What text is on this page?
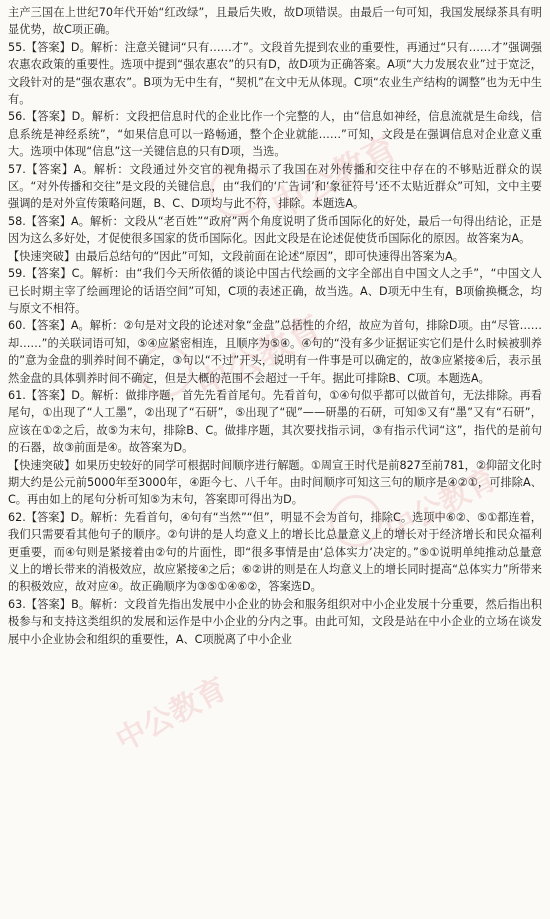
中公教育
中公教育
中公教育
中公教育

主产三国在上世纪70年代开始“红改绿”，且最后失败，故D项错误。由最后一句可知，我国发展绿茶具有明显优势，故C项正确。

55.【答案】D。解析：注意关键词“只有……才”。文段首先提到农业的重要性，再通过“只有……才”强调强农惠农政策的重要性。选项中提到“强农惠农”的只有D，故D项为正确答案。A项“大力发展农业”过于宽泛，文段针对的是“强农惠农”。B项为无中生有，“契机”在文中无从体现。C项“农业生产结构的调整”也为无中生有。

56.【答案】D。解析：文段把信息时代的企业比作一个完整的人，由“信息如神经，信息流就是生命线，信息系统是神经系统”，“如果信息可以一路畅通，整个企业就能……”可知，文段是在强调信息对企业意义重大。选项中体现“信息”这一关键信息的只有D项，当选。

57.【答案】A。解析：文段通过外交官的视角揭示了我国在对外传播和交往中存在的不够贴近群众的误区。“对外传播和交往”是文段的关键信息，由“我们的‘广告词’和‘象征符号’还不太贴近群众”可知，文中主要强调的是对外宣传策略问题，B、C、D项均与此不符，排除。本题选A。

58.【答案】A。解析：文段从“老百姓”“政府”两个角度说明了货币国际化的好处，最后一句得出结论，正是因为这么多好处，才促使很多国家的货币国际化。因此文段是在论述促使货币国际化的原因。故答案为A。

【快速突破】由最后总结句的“因此”可知，文段前面在论述“原因”，即可快速得出答案为A。

59.【答案】C。解析：由“我们今天所依循的谈论中国古代绘画的文字全部出自中国文人之手”，“中国文人已长时期主宰了绘画理论的话语空间”可知，C项的表述正确，故当选。A、D项无中生有，B项偷换概念，均与原文不相符。

60.【答案】A。解析：②句是对文段的论述对象“金盘”总括性的介绍，故应为首句，排除D项。由“尽管……却……”的关联词语可知，⑤④应紧密相连，且顺序为⑤④。④句的“没有多少证据证实它们是什么时候被驯养的”意为金盘的驯养时间不确定，③句以“不过”开头，说明有一件事是可以确定的，故③应紧接④后，表示虽然金盘的具体驯养时间不确定，但是大概的范围不会超过一千年。据此可排除B、C项。本题选A。

61.【答案】D。解析：做排序题，首先先看首尾句。先看首句，①④句似乎都可以做首句，无法排除。再看尾句，①出现了“人工墨”，②出现了“石研”，⑤出现了“砚”——研墨的石研，可知⑤又有“墨”又有“石研”，应该在①②之后，故⑤为末句，排除B、C。做排序题，其次要找指示词，③有指示代词“这”，指代的是前句的石器，故③前面是④。故答案为D。

【快速突破】如果历史较好的同学可根据时间顺序进行解题。①周宣王时代是前827至前781，②仰韶文化时期大约是公元前5000年至3000年，④距今七、八千年。由时间顺序可知这三句的顺序是④②①，可排除A、C。再由如上的尾句分析可知⑤为末句，答案即可得出为D。

62.【答案】D。解析：先看首句，④句有“当然”“但”，明显不会为首句，排除C。选项中⑥②、⑤①都连着，我们只需要看其他句子的顺序。②句讲的是人均意义上的增长比总量意义上的增长对于经济增长和民众福利更重要，而④句则是紧接着由②句的片面性，即“很多事情是由‘总体实力’决定的。”⑤①说明单纯推动总量意义上的增长带来的消极效应，故应紧接④之后；⑥②讲的则是在人均意义上的增长同时提高“总体实力”所带来的积极效应，故对应④。故正确顺序为③⑤①④⑥②，答案选D。

63.【答案】B。解析：文段首先指出发展中小企业的协会和服务组织对中小企业发展十分重要，然后指出积极参与和支持这类组织的发展和运作是中小企业的分内之事。由此可知，文段是站在中小企业的立场在谈发展中小企业协会和组织的重要性，A、C项脱离了中小企业
